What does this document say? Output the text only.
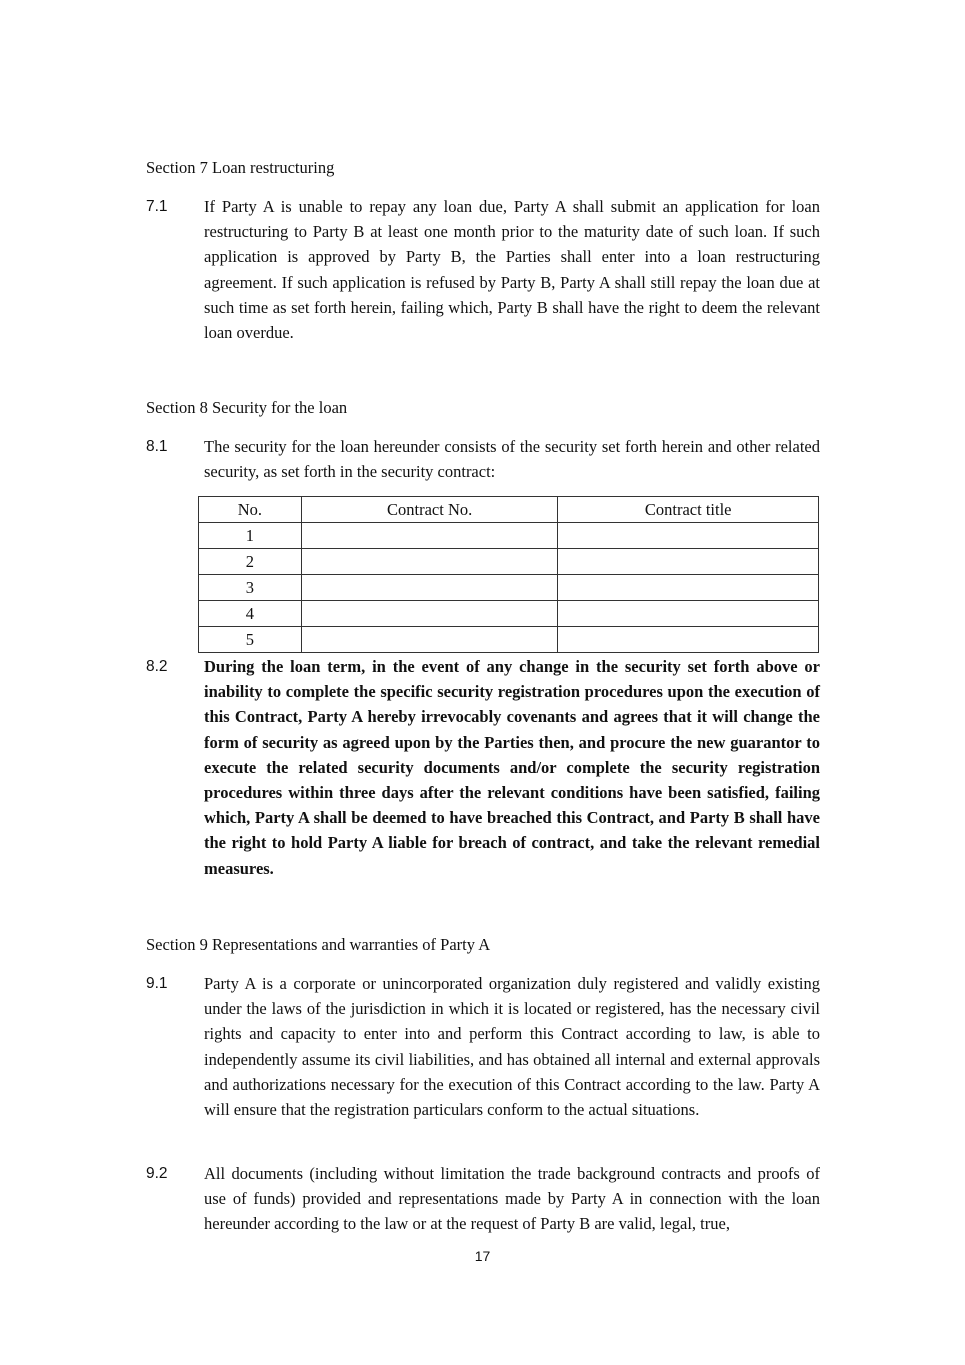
Section 7 Loan restructuring
7.1 If Party A is unable to repay any loan due, Party A shall submit an application for loan restructuring to Party B at least one month prior to the maturity date of such loan. If such application is approved by Party B, the Parties shall enter into a loan restructuring agreement. If such application is refused by Party B, Party A shall still repay the loan due at such time as set forth herein, failing which, Party B shall have the right to deem the relevant loan overdue.
Section 8 Security for the loan
8.1 The security for the loan hereunder consists of the security set forth herein and other related security, as set forth in the security contract:
No.	Contract No.	Contract title
1		
2		
3		
4		
5		
8.2 During the loan term, in the event of any change in the security set forth above or inability to complete the specific security registration procedures upon the execution of this Contract, Party A hereby irrevocably covenants and agrees that it will change the form of security as agreed upon by the Parties then, and procure the new guarantor to execute the related security documents and/or complete the security registration procedures within three days after the relevant conditions have been satisfied, failing which, Party A shall be deemed to have breached this Contract, and Party B shall have the right to hold Party A liable for breach of contract, and take the relevant remedial measures.
Section 9 Representations and warranties of Party A
9.1 Party A is a corporate or unincorporated organization duly registered and validly existing under the laws of the jurisdiction in which it is located or registered, has the necessary civil rights and capacity to enter into and perform this Contract according to law, is able to independently assume its civil liabilities, and has obtained all internal and external approvals and authorizations necessary for the execution of this Contract according to the law. Party A will ensure that the registration particulars conform to the actual situations.
9.2 All documents (including without limitation the trade background contracts and proofs of use of funds) provided and representations made by Party A in connection with the loan hereunder according to the law or at the request of Party B are valid, legal, true,
17
